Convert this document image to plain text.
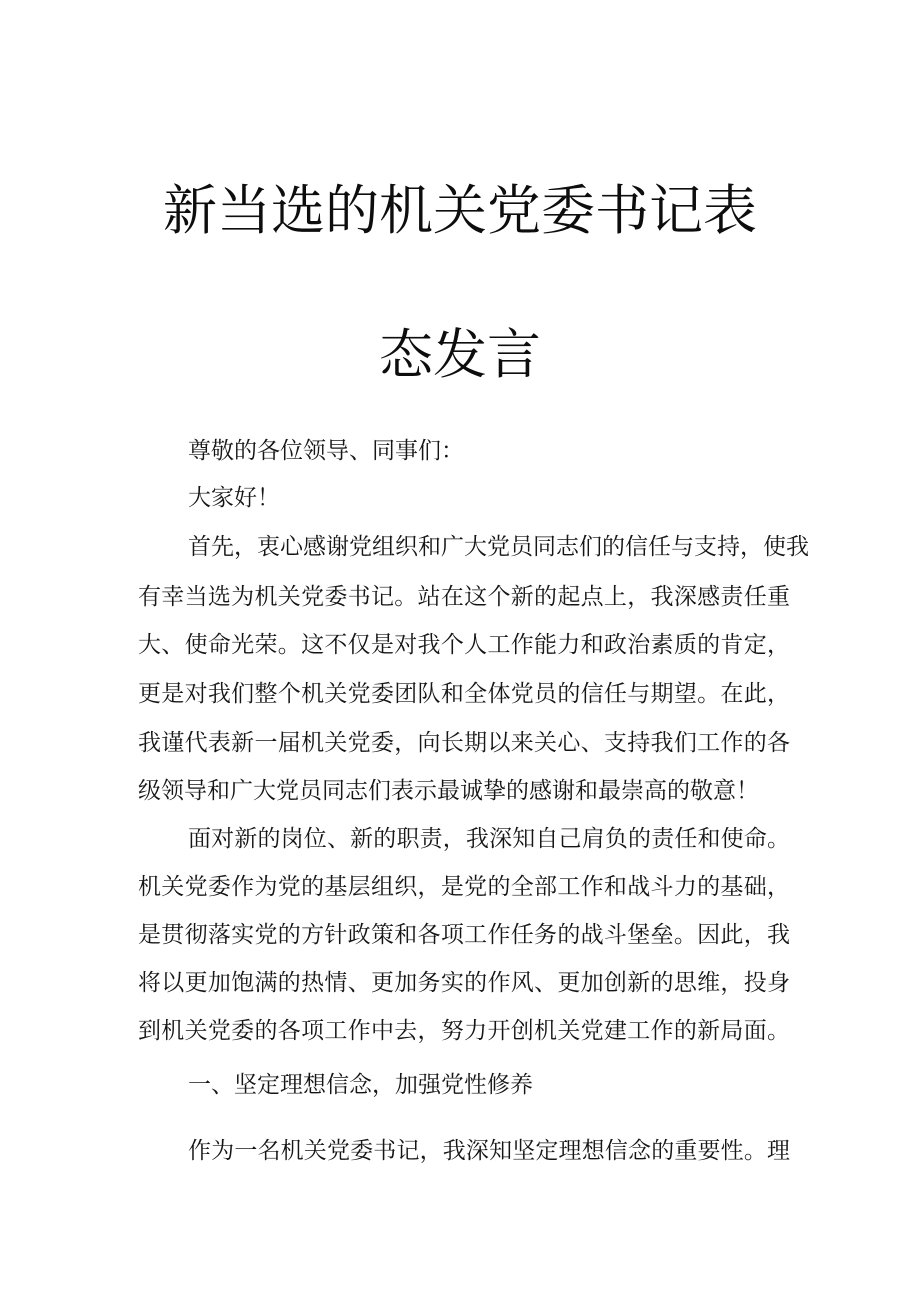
新当选的机关党委书记表
态发言
尊敬的各位领导、同事们：
大家好！
首先，衷心感谢党组织和广大党员同志们的信任与支持，使我
有幸当选为机关党委书记。站在这个新的起点上，我深感责任重
大、使命光荣。这不仅是对我个人工作能力和政治素质的肯定，
更是对我们整个机关党委团队和全体党员的信任与期望。在此，
我谨代表新一届机关党委，向长期以来关心、支持我们工作的各
级领导和广大党员同志们表示最诚挚的感谢和最崇高的敬意！
面对新的岗位、新的职责，我深知自己肩负的责任和使命。
机关党委作为党的基层组织，是党的全部工作和战斗力的基础，
是贯彻落实党的方针政策和各项工作任务的战斗堡垒。因此，我
将以更加饱满的热情、更加务实的作风、更加创新的思维，投身
到机关党委的各项工作中去，努力开创机关党建工作的新局面。
一、坚定理想信念，加强党性修养
作为一名机关党委书记，我深知坚定理想信念的重要性。理
